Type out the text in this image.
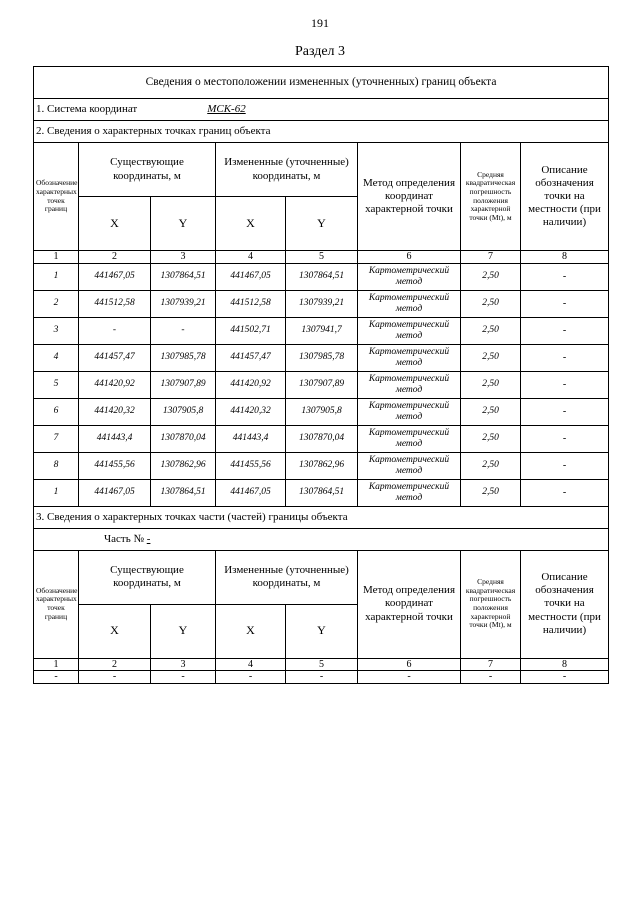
191
Раздел 3
Сведения о местоположении измененных (уточненных) границ объекта							
1. Система координат МСК-62							
2. Сведения о характерных точках границ объекта							
Обозначение характерных точек границ	Существующие координаты, м		Измененные (уточненные) координаты, м		Метод определения координат характерной точки	Средняя квадратическая погрешность положения характерной точки (Mt), м	Описание обозначения точки на местности (при наличии)
	X	Y	X	Y			
1	2	3	4	5	6	7	8
1	441467,05	1307864,51	441467,05	1307864,51	Картометрический метод	2,50	-
2	441512,58	1307939,21	441512,58	1307939,21	Картометрический метод	2,50	-
3	-	-	441502,71	1307941,7	Картометрический метод	2,50	-
4	441457,47	1307985,78	441457,47	1307985,78	Картометрический метод	2,50	-
5	441420,92	1307907,89	441420,92	1307907,89	Картометрический метод	2,50	-
6	441420,32	1307905,8	441420,32	1307905,8	Картометрический метод	2,50	-
7	441443,4	1307870,04	441443,4	1307870,04	Картометрический метод	2,50	-
8	441455,56	1307862,96	441455,56	1307862,96	Картометрический метод	2,50	-
1	441467,05	1307864,51	441467,05	1307864,51	Картометрический метод	2,50	-
3. Сведения о характерных точках части (частей) границы объекта							
Часть № -							
Обозначение характерных точек границ	Существующие координаты, м		Измененные (уточненные) координаты, м		Метод определения координат характерной точки	Средняя квадратическая погрешность положения характерной точки (Mt), м	Описание обозначения точки на местности (при наличии)
	X	Y	X	Y			
1	2	3	4	5	6	7	8
-	-	-	-	-	-	-	-
